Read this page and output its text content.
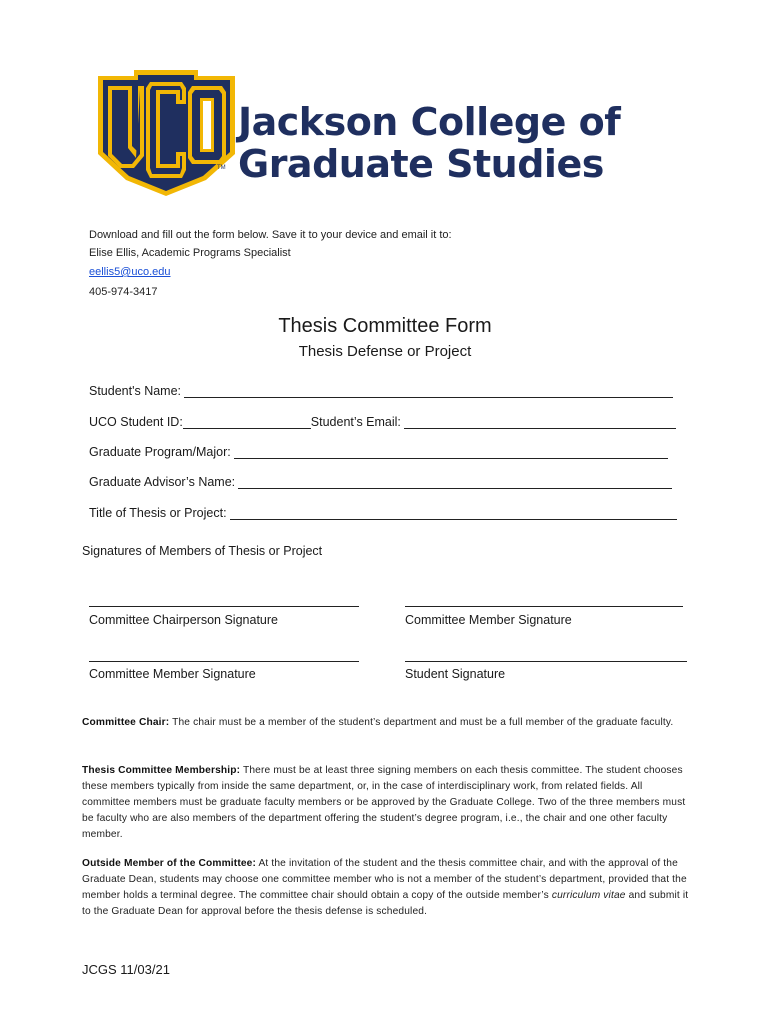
TM
Jackson College of
Graduate Studies
Download and fill out the form below. Save it to your device and email it to:
Elise Ellis, Academic Programs Specialist
eellis5@uco.edu
405-974-3417
Thesis Committee Form
Thesis Defense or Project
Student's Name:
UCO Student ID:	Student’s Email:
Graduate Program/Major:
Graduate Advisor’s Name:
Title of Thesis or Project:
Signatures of Members of Thesis or Project
Committee Chairperson Signature	Committee Member Signature
Committee Member Signature	Student Signature
Committee Chair: The chair must be a member of the student’s department and must be a full member of the graduate faculty.
Thesis Committee Membership: There must be at least three signing members on each thesis committee. The student chooses these members typically from inside the same department, or, in the case of interdisciplinary work, from related fields. All committee members must be graduate faculty members or be approved by the Graduate College. Two of the three members must be faculty who are also members of the department offering the student’s degree program, i.e., the chair and one other faculty member.
Outside Member of the Committee: At the invitation of the student and the thesis committee chair, and with the approval of the Graduate Dean, students may choose one committee member who is not a member of the student’s department, provided that the member holds a terminal degree. The committee chair should obtain a copy of the outside member’s curriculum vitae and submit it to the Graduate Dean for approval before the thesis defense is scheduled.
JCGS 11/03/21
